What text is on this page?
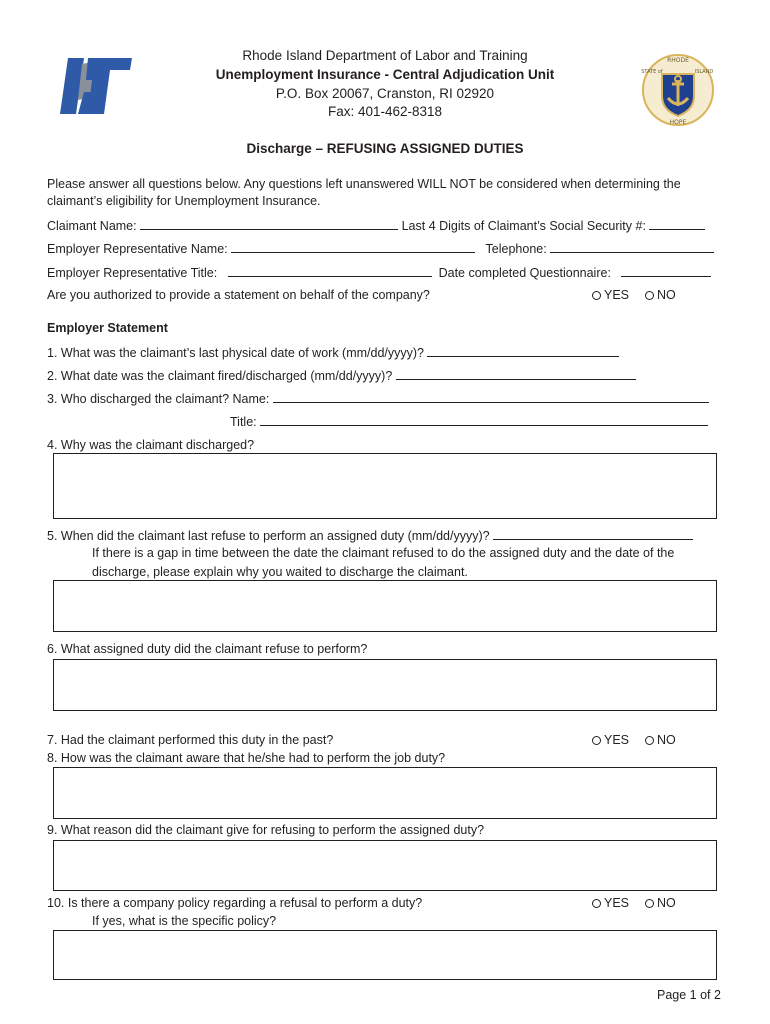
Rhode Island Department of Labor and Training
Unemployment Insurance - Central Adjudication Unit
P.O. Box 20067, Cranston, RI 02920
Fax: 401-462-8318
RHODE
STATE of	ISLAND
HOPE
Discharge – REFUSING ASSIGNED DUTIES
Please answer all questions below. Any questions left unanswered WILL NOT be considered when determining the
claimant’s eligibility for Unemployment Insurance.
Claimant Name:	Last 4 Digits of Claimant’s Social Security #:
Employer Representative Name:	Telephone:
Employer Representative Title:	Date completed Questionnaire:
Are you authorized to provide a statement on behalf of the company?	YES	NO
Employer Statement
1. What was the claimant’s last physical date of work (mm/dd/yyyy)?
2. What date was the claimant fired/discharged (mm/dd/yyyy)?
3. Who discharged the claimant? Name:
Title:
4. Why was the claimant discharged?
5. When did the claimant last refuse to perform an assigned duty (mm/dd/yyyy)?
If there is a gap in time between the date the claimant refused to do the assigned duty and the date of the
discharge, please explain why you waited to discharge the claimant.
6. What assigned duty did the claimant refuse to perform?
7. Had the claimant performed this duty in the past?	YES	NO
8. How was the claimant aware that he/she had to perform the job duty?
9. What reason did the claimant give for refusing to perform the assigned duty?
10. Is there a company policy regarding a refusal to perform a duty?	YES	NO
If yes, what is the specific policy?
Page 1 of 2
